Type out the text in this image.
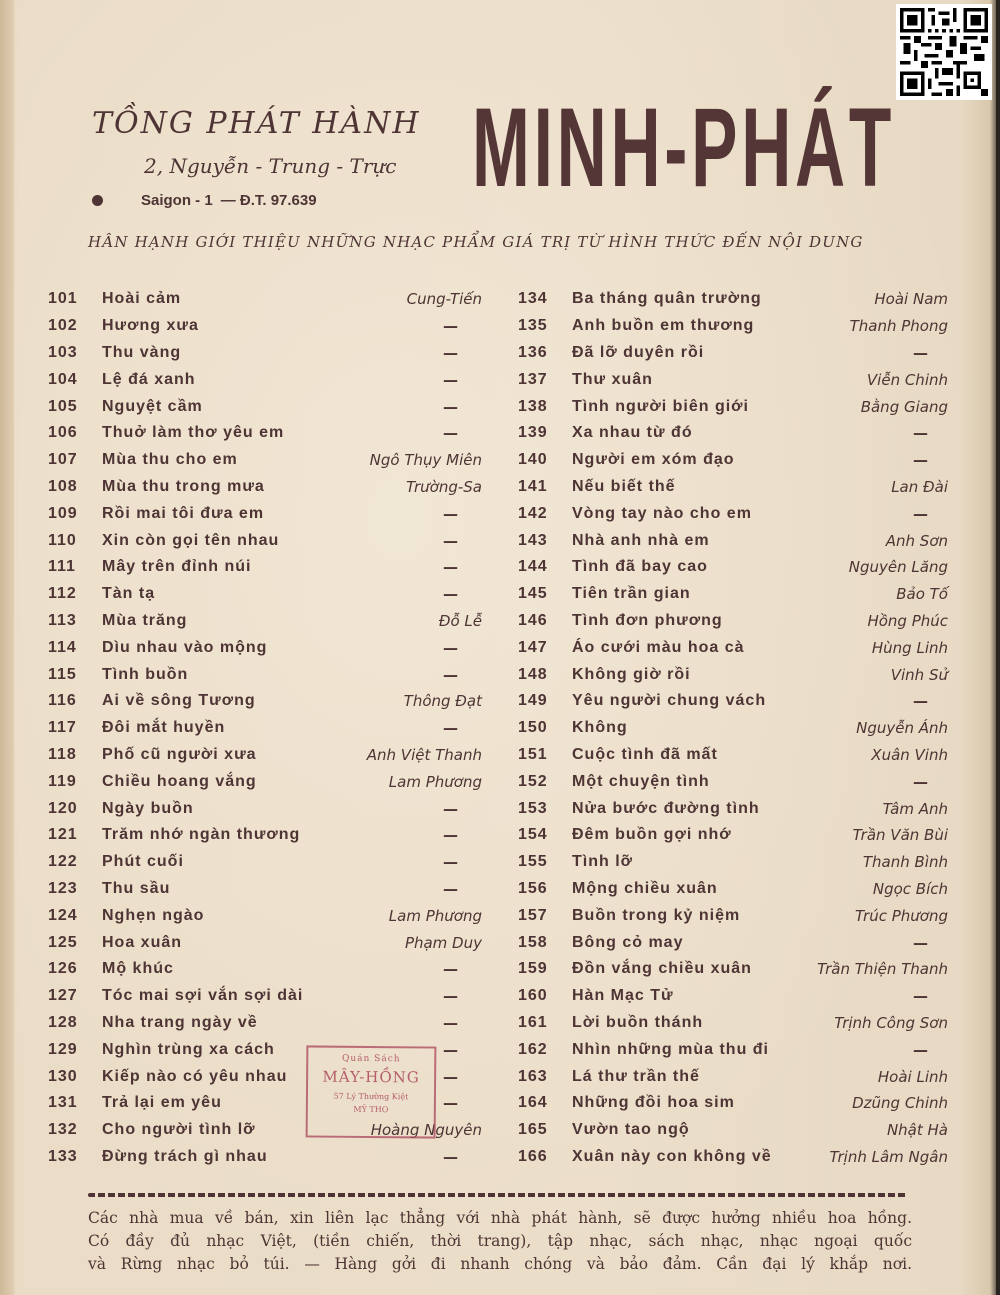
TỒNG PHÁT HÀNH
2, Nguyễn - Trung - Trực
Saigon - 1 — Đ.T. 97.639 MINH-PHÁT
HÂN HẠNH GIỚI THIỆU NHỮNG NHẠC PHẨM GIÁ TRỊ TỪ HÌNH THỨC ĐẾN NỘI DUNG
101	Hoài cảm	Cung-Tiến
102	Hương xưa	—
103	Thu vàng	—
104	Lệ đá xanh	—
105	Nguyệt cầm	—
106	Thuở làm thơ yêu em	—
107	Mùa thu cho em	Ngô Thụy Miên
108	Mùa thu trong mưa	Trường-Sa
109	Rồi mai tôi đưa em	—
110	Xin còn gọi tên nhau	—
111	Mây trên đỉnh núi	—
112	Tàn tạ	—
113	Mùa trăng	Đỗ Lễ
114	Dìu nhau vào mộng	—
115	Tình buồn	—
116	Ai về sông Tương	Thông Đạt
117	Đôi mắt huyền	—
118	Phố cũ người xưa	Anh Việt Thanh
119	Chiều hoang vắng	Lam Phương
120	Ngày buồn	—
121	Trăm nhớ ngàn thương	—
122	Phút cuối	—
123	Thu sầu	—
124	Nghẹn ngào	Lam Phương
125	Hoa xuân	Phạm Duy
126	Mộ khúc	—
127	Tóc mai sợi vắn sợi dài	—
128	Nha trang ngày về	—
129	Nghìn trùng xa cách	—
130	Kiếp nào có yêu nhau	—
131	Trả lại em yêu	—
132	Cho người tình lỡ	Hoàng Nguyên
133	Đừng trách gì nhau	—
134	Ba tháng quân trường	Hoài Nam
135	Anh buồn em thương	Thanh Phong
136	Đã lỡ duyên rồi	—
137	Thư xuân	Viễn Chinh
138	Tình người biên giới	Bằng Giang
139	Xa nhau từ đó	—
140	Người em xóm đạo	—
141	Nếu biết thế	Lan Đài
142	Vòng tay nào cho em	—
143	Nhà anh nhà em	Anh Sơn
144	Tình đã bay cao	Nguyên Lăng
145	Tiên trần gian	Bảo Tố
146	Tình đơn phương	Hồng Phúc
147	Áo cưới màu hoa cà	Hùng Linh
148	Không giờ rồi	Vinh Sử
149	Yêu người chung vách	—
150	Không	Nguyễn Ánh
151	Cuộc tình đã mất	Xuân Vinh
152	Một chuyện tình	—
153	Nửa bước đường tình	Tâm Anh
154	Đêm buồn gợi nhớ	Trần Văn Bùi
155	Tình lỡ	Thanh Bình
156	Mộng chiều xuân	Ngọc Bích
157	Buồn trong kỷ niệm	Trúc Phương
158	Bông cỏ may	—
159	Đồn vắng chiều xuân	Trần Thiện Thanh
160	Hàn Mạc Tử	—
161	Lời buồn thánh	Trịnh Công Sơn
162	Nhìn những mùa thu đi	—
163	Lá thư trần thế	Hoài Linh
164	Những đồi hoa sim	Dzũng Chinh
165	Vườn tao ngộ	Nhật Hà
166	Xuân này con không về	Trịnh Lâm Ngân
Quán Sách
MÂY-HỒNG
57 Lý Thường Kiệt
MỸ THO
Các nhà mua về bán, xin liên lạc thẳng với nhà phát hành, sẽ được hưởng nhiều hoa hồng.
Có đầy đủ nhạc Việt, (tiền chiến, thời trang), tập nhạc, sách nhạc, nhạc ngoại quốc
và Rừng nhạc bỏ túi. — Hàng gởi đi nhanh chóng và bảo đảm. Cần đại lý khắp nơi.
